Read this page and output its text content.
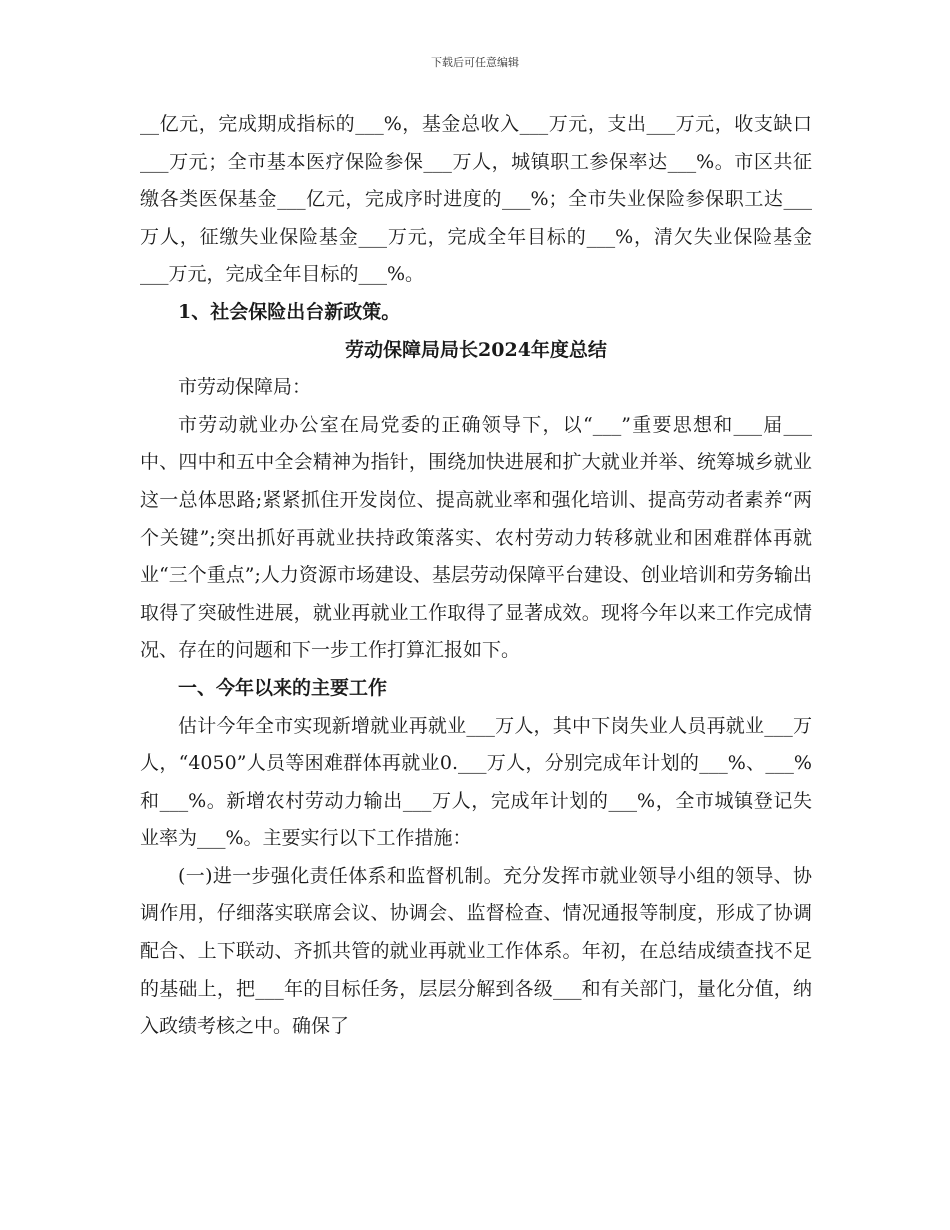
下载后可任意编辑

__亿元，完成期成指标的___%，基金总收入___万元，支出___万元，收支缺口___万元；全市基本医疗保险参保___万人，城镇职工参保率达___%。市区共征缴各类医保基金___亿元，完成序时进度的___%；全市失业保险参保职工达___万人，征缴失业保险基金___万元，完成全年目标的___%，清欠失业保险基金___万元，完成全年目标的___%。

1、社会保险出台新政策。

劳动保障局局长2024年度总结

市劳动保障局：

市劳动就业办公室在局党委的正确领导下，以“___”重要思想和___届___中、四中和五中全会精神为指针，围绕加快进展和扩大就业并举、统筹城乡就业这一总体思路;紧紧抓住开发岗位、提高就业率和强化培训、提高劳动者素养“两个关键”;突出抓好再就业扶持政策落实、农村劳动力转移就业和困难群体再就业“三个重点”;人力资源市场建设、基层劳动保障平台建设、创业培训和劳务输出取得了突破性进展，就业再就业工作取得了显著成效。现将今年以来工作完成情况、存在的问题和下一步工作打算汇报如下。

一、今年以来的主要工作

估计今年全市实现新增就业再就业___万人，其中下岗失业人员再就业___万人，“4050”人员等困难群体再就业0.___万人，分别完成年计划的___%、___%和___%。新增农村劳动力输出___万人，完成年计划的___%，全市城镇登记失业率为___%。主要实行以下工作措施：

(一)进一步强化责任体系和监督机制。充分发挥市就业领导小组的领导、协调作用，仔细落实联席会议、协调会、监督检查、情况通报等制度，形成了协调配合、上下联动、齐抓共管的就业再就业工作体系。年初，在总结成绩查找不足的基础上，把___年的目标任务，层层分解到各级___和有关部门，量化分值，纳入政绩考核之中。确保了
